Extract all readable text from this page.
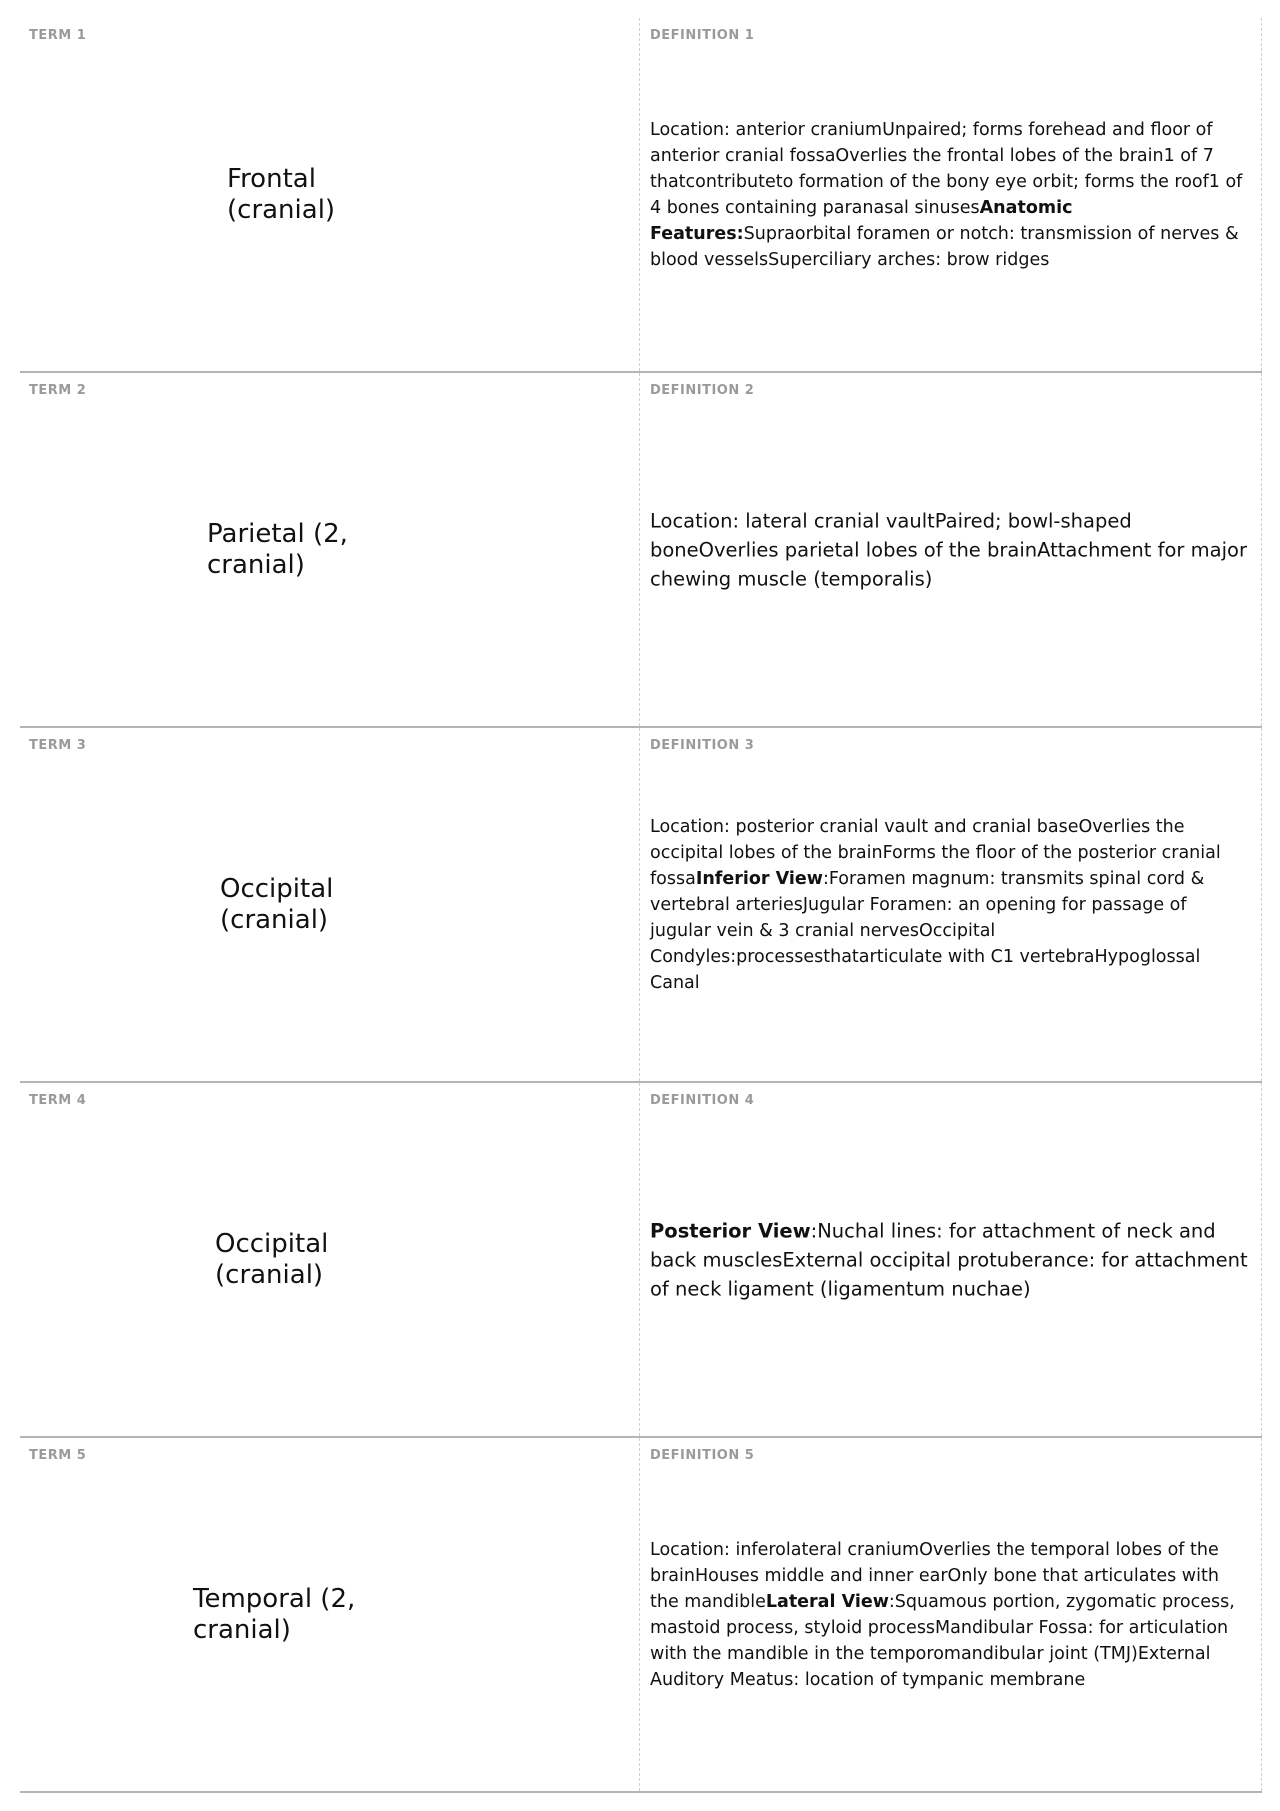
TERM 1
Frontal
(cranial)
DEFINITION 1
Location: anterior craniumUnpaired; forms forehead and floor of anterior cranial fossaOverlies the frontal lobes of the brain1 of 7 thatcontributeto formation of the bony eye orbit; forms the roof1 of 4 bones containing paranasal sinusesAnatomic Features:Supraorbital foramen or notch: transmission of nerves & blood vesselsSuperciliary arches: brow ridges
TERM 2
Parietal (2,
cranial)
DEFINITION 2
Location: lateral cranial vaultPaired; bowl-shaped boneOverlies parietal lobes of the brainAttachment for major chewing muscle (temporalis)
TERM 3
Occipital
(cranial)
DEFINITION 3
Location: posterior cranial vault and cranial baseOverlies the occipital lobes of the brainForms the floor of the posterior cranial fossaInferior View:Foramen magnum: transmits spinal cord & vertebral arteriesJugular Foramen: an opening for passage of jugular vein & 3 cranial nervesOccipital Condyles:processesthatarticulate with C1 vertebraHypoglossal Canal
TERM 4
Occipital
(cranial)
DEFINITION 4
Posterior View:Nuchal lines: for attachment of neck and back musclesExternal occipital protuberance: for attachment of neck ligament (ligamentum nuchae)
TERM 5
Temporal (2,
cranial)
DEFINITION 5
Location: inferolateral craniumOverlies the temporal lobes of the brainHouses middle and inner earOnly bone that articulates with the mandibleLateral View:Squamous portion, zygomatic process, mastoid process, styloid processMandibular Fossa: for articulation with the mandible in the temporomandibular joint (TMJ)External Auditory Meatus: location of tympanic membrane
